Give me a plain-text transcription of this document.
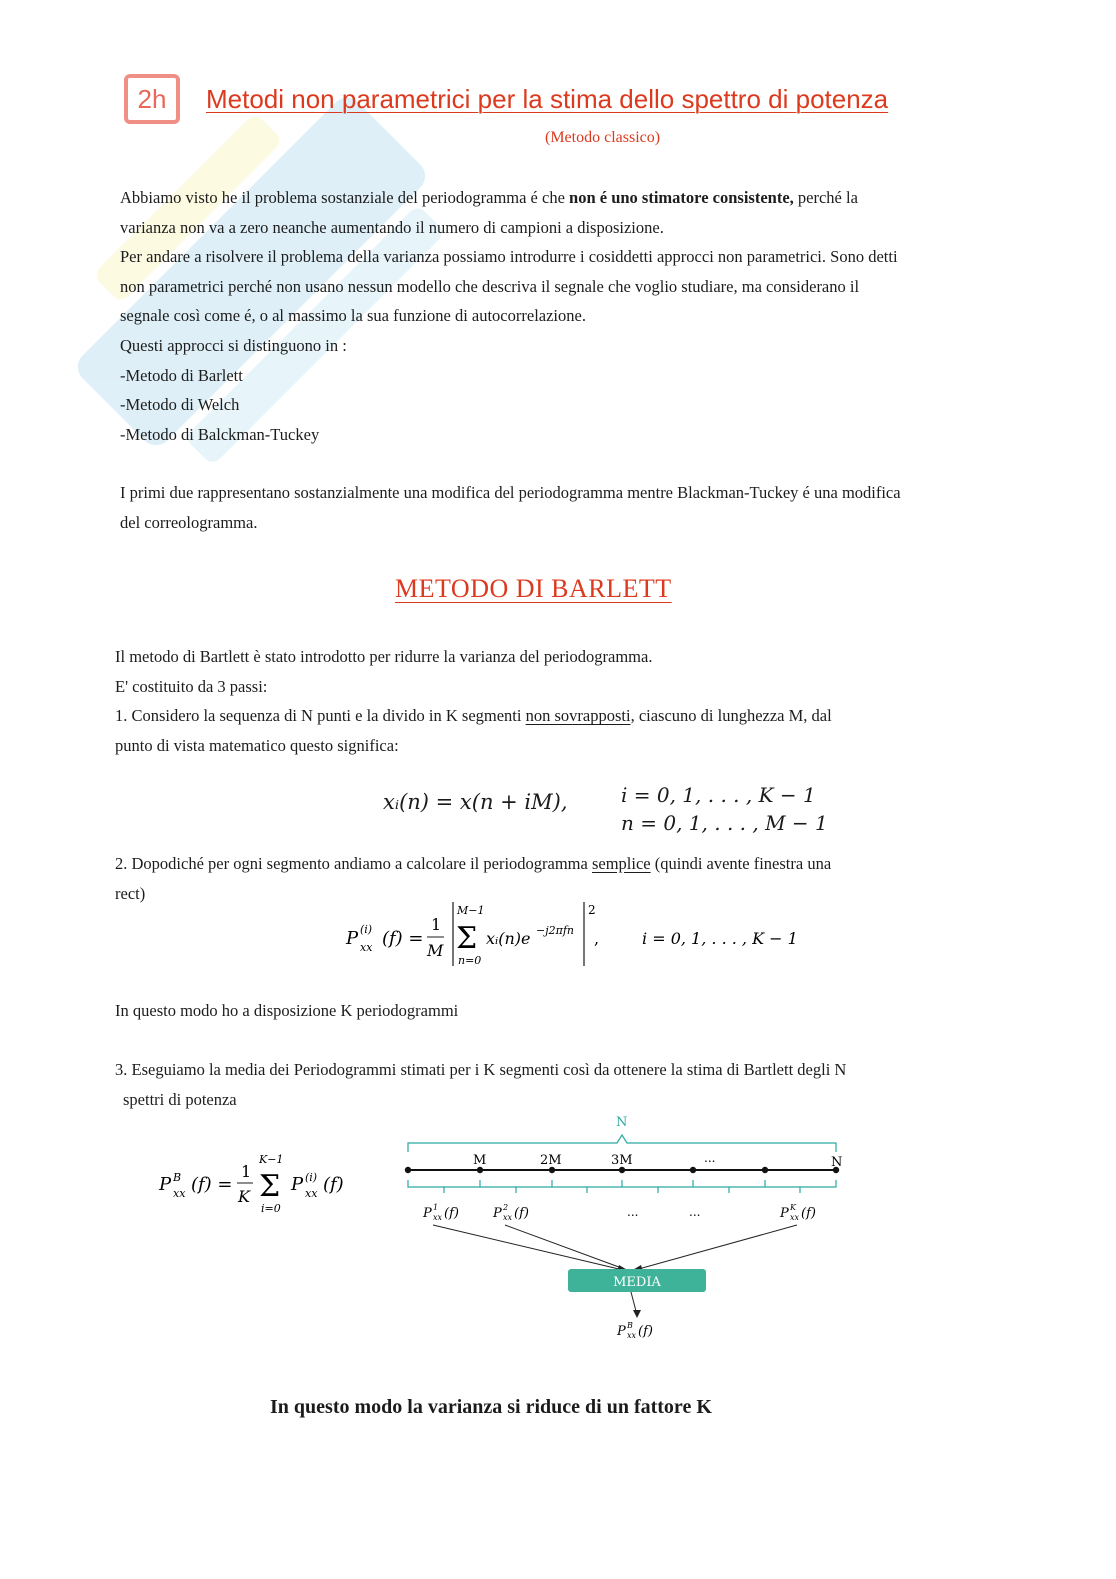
2h	Metodi non parametrici per la stima dello spettro di potenza
(Metodo classico)

Abbiamo visto he il problema sostanziale del periodogramma é che non é uno stimatore consistente, perché la
varianza non va a zero neanche aumentando il numero di campioni a disposizione.
Per andare a risolvere il problema della varianza possiamo introdurre i cosiddetti approcci non parametrici. Sono detti
non parametrici perché non usano nessun modello che descriva il segnale che voglio studiare, ma considerano il
segnale così come é, o al massimo la sua funzione di autocorrelazione.
Questi approcci si distinguono in :
-Metodo di Barlett
-Metodo di Welch
-Metodo di Balckman-Tuckey

I primi due rappresentano sostanzialmente una modifica del periodogramma mentre Blackman-Tuckey é una modifica
del correologramma.

METODO DI BARLETT

Il metodo di Bartlett è stato introdotto per ridurre la varianza del periodogramma.
E' costituito da 3 passi:
1. Considero la sequenza di N punti e la divido in K segmenti non sovrapposti, ciascuno di lunghezza M, dal
punto di vista matematico questo significa:

xᵢ(n) = x(n + iM),	i = 0, 1, . . . , K − 1
n = 0, 1, . . . , M − 1

2. Dopodiché per ogni segmento andiamo a calcolare il periodogramma semplice (quindi avente finestra una
rect)

P (i)
xx (f) =
1
M
M−1
Σ
n=0
xᵢ(n)e −j2πfn
2
,	i = 0, 1, . . . , K − 1

In questo modo ho a disposizione K periodogrammi

3. Eseguiamo la media dei Periodogrammi stimati per i K segmenti così da ottenere la stima di Bartlett degli N
spettri di potenza

P B
xx (f) =
1
K
K−1
Σ
i=0
P (i)
xx (f)
N
M	2M	3M	...	N
P 1
xx (f)	P 2
xx (f)	P K
xx (f)
...	...
MEDIA
P B
xx (f)

In questo modo la varianza si riduce di un fattore K
